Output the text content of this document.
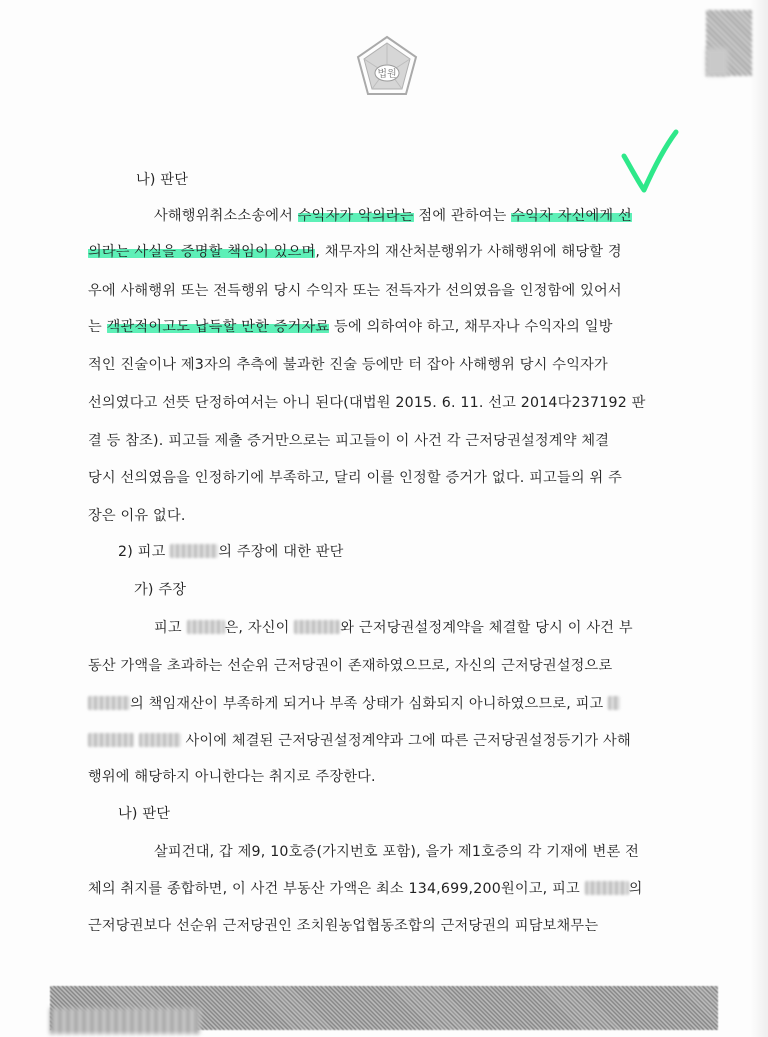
법원
나) 판단
사해행위취소소송에서 수익자가 악의라는 점에 관하여는 수익자 자신에게 선
의라는 사실을 증명할 책임이 있으며, 채무자의 재산처분행위가 사해행위에 해당할 경
우에 사해행위 또는 전득행위 당시 수익자 또는 전득자가 선의였음을 인정함에 있어서
는 객관적이고도 납득할 만한 증거자료 등에 의하여야 하고, 채무자나 수익자의 일방
적인 진술이나 제3자의 추측에 불과한 진술 등에만 터 잡아 사해행위 당시 수익자가
선의였다고 선뜻 단정하여서는 아니 된다(대법원 2015. 6. 11. 선고 2014다237192 판
결 등 참조). 피고들 제출 증거만으로는 피고들이 이 사건 각 근저당권설정계약 체결
당시 선의였음을 인정하기에 부족하고, 달리 이를 인정할 증거가 없다. 피고들의 위 주
장은 이유 없다.
2) 피고	의 주장에 대한 판단
가) 주장
피고	은, 자신이	와 근저당권설정계약을 체결할 당시 이 사건 부
동산 가액을 초과하는 선순위 근저당권이 존재하였으므로, 자신의 근저당권설정으로
의 책임재산이 부족하게 되거나 부족 상태가 심화되지 아니하였으므로, 피고
사이에 체결된 근저당권설정계약과 그에 따른 근저당권설정등기가 사해
행위에 해당하지 아니한다는 취지로 주장한다.
나) 판단
살피건대, 갑 제9, 10호증(가지번호 포함), 을가 제1호증의 각 기재에 변론 전
체의 취지를 종합하면, 이 사건 부동산 가액은 최소 134,699,200원이고, 피고	의
근저당권보다 선순위 근저당권인 조치원농업협동조합의 근저당권의 피담보채무는
